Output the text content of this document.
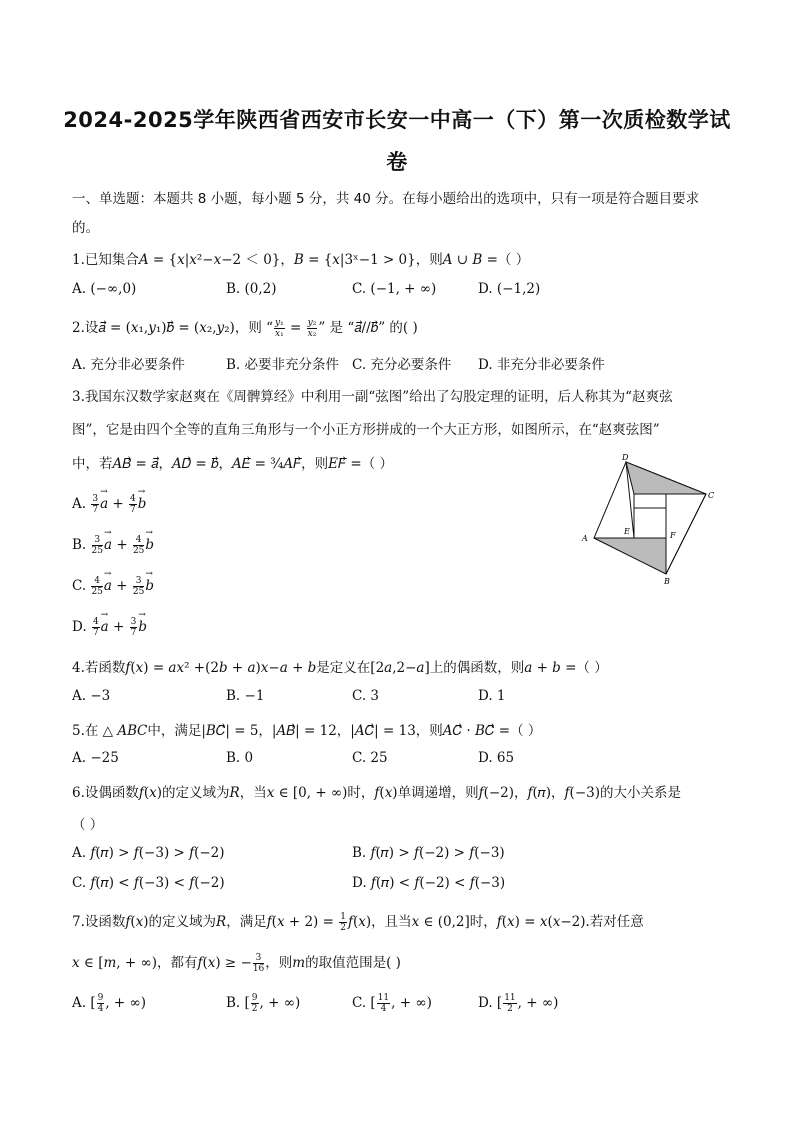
2024-2025学年陕西省西安市长安一中高一（下）第一次质检数学试
卷
一、单选题：本题共 8 小题，每小题 5 分，共 40 分。在每小题给出的选项中，只有一项是符合题目要求
的。
1.已知集合𝐴 = {𝑥|𝑥²−𝑥−2 ＜ 0}，𝐵 = {𝑥|3ˣ−1 > 0}，则𝐴 ∪ 𝐵 =（ ）
A. (−∞,0)	B. (0,2)	C. (−1, + ∞)	D. (−1,2)
2.设𝑎⃗ = (𝑥₁,𝑦₁)𝑏⃗ = (𝑥₂,𝑦₂)，则 “ $\frac{\text{𝑦₁}}{\text{𝑥₁}} = \frac{\text{𝑦₂}}{\text{𝑥₂}}$ ” 是 “𝑎⃗//𝑏⃗” 的( )
A. 充分非必要条件	B. 必要非充分条件 C. 充分必要条件 D. 非充分非必要条件
3.我国东汉数学家赵爽在《周髀算经》中利用一副“弦图”给出了勾股定理的证明，后人称其为“赵爽弦
图”，它是由四个全等的直角三角形与一个小正方形拼成的一个大正方形，如图所示，在“赵爽弦图”
中，若𝐴𝐵⃗ = 𝑎⃗，𝐴𝐷⃗ = 𝑏⃗，𝐴𝐸⃗ = ¾𝐴𝐹⃗，则𝐸𝐹⃗ =（ ）
A. $\frac{3}{7}$
→ $a + \frac{4}{7}$
→ b
B. $\frac{3}{25}$
→ $a + \frac{4}{25}$
→ b
C. $\frac{4}{25}$
→ $a + \frac{3}{25}$
→ b
D. $\frac{4}{7}$
→ $a + \frac{3}{7}$
→ b
D
C
A
B
E	F
4.若函数𝑓(𝑥) = 𝑎𝑥² +(2𝑏 + 𝑎)𝑥−𝑎 + 𝑏是定义在[2𝑎,2−𝑎]上的偶函数，则𝑎 + 𝑏 =（ ）
A. −3	B. −1	C. 3	D. 1
5.在 △ 𝐴𝐵𝐶中，满足|𝐵𝐶⃗| = 5，|𝐴𝐵⃗| = 12，|𝐴𝐶⃗| = 13，则𝐴𝐶⃗ · 𝐵𝐶⃗ =（ ）
A. −25	B. 0	C. 25	D. 65
6.设偶函数𝑓(𝑥)的定义域为𝑅，当𝑥 ∈ [0, + ∞)时，𝑓(𝑥)单调递增，则𝑓(−2)，𝑓(𝜋)，𝑓(−3)的大小关系是
（ ）
A. 𝑓(𝜋) > 𝑓(−3) > 𝑓(−2)	B. 𝑓(𝜋) > 𝑓(−2) > 𝑓(−3)
C. 𝑓(𝜋) < 𝑓(−3) < 𝑓(−2)	D. 𝑓(𝜋) < 𝑓(−2) < 𝑓(−3)
7.设函数𝑓(𝑥)的定义域为𝑅，满足𝑓(𝑥 + $2) = \frac{1}{2}$ 𝑓(𝑥)，且当𝑥 ∈ (0,2]时，𝑓(𝑥) = 𝑥(𝑥−2).若对任意
𝑥 ∈ [𝑚, + ∞)，都有𝑓(𝑥) ≥ − $\frac{3}{16}$ ，则𝑚的取值范围是( )
A. [ $\frac{9}{4}$ , + ∞)	B. [ $\frac{9}{2}$ , + ∞)	C. [ $\frac{11}{4}$ , + ∞)	D. [ $\frac{11}{2}$ , + ∞)
